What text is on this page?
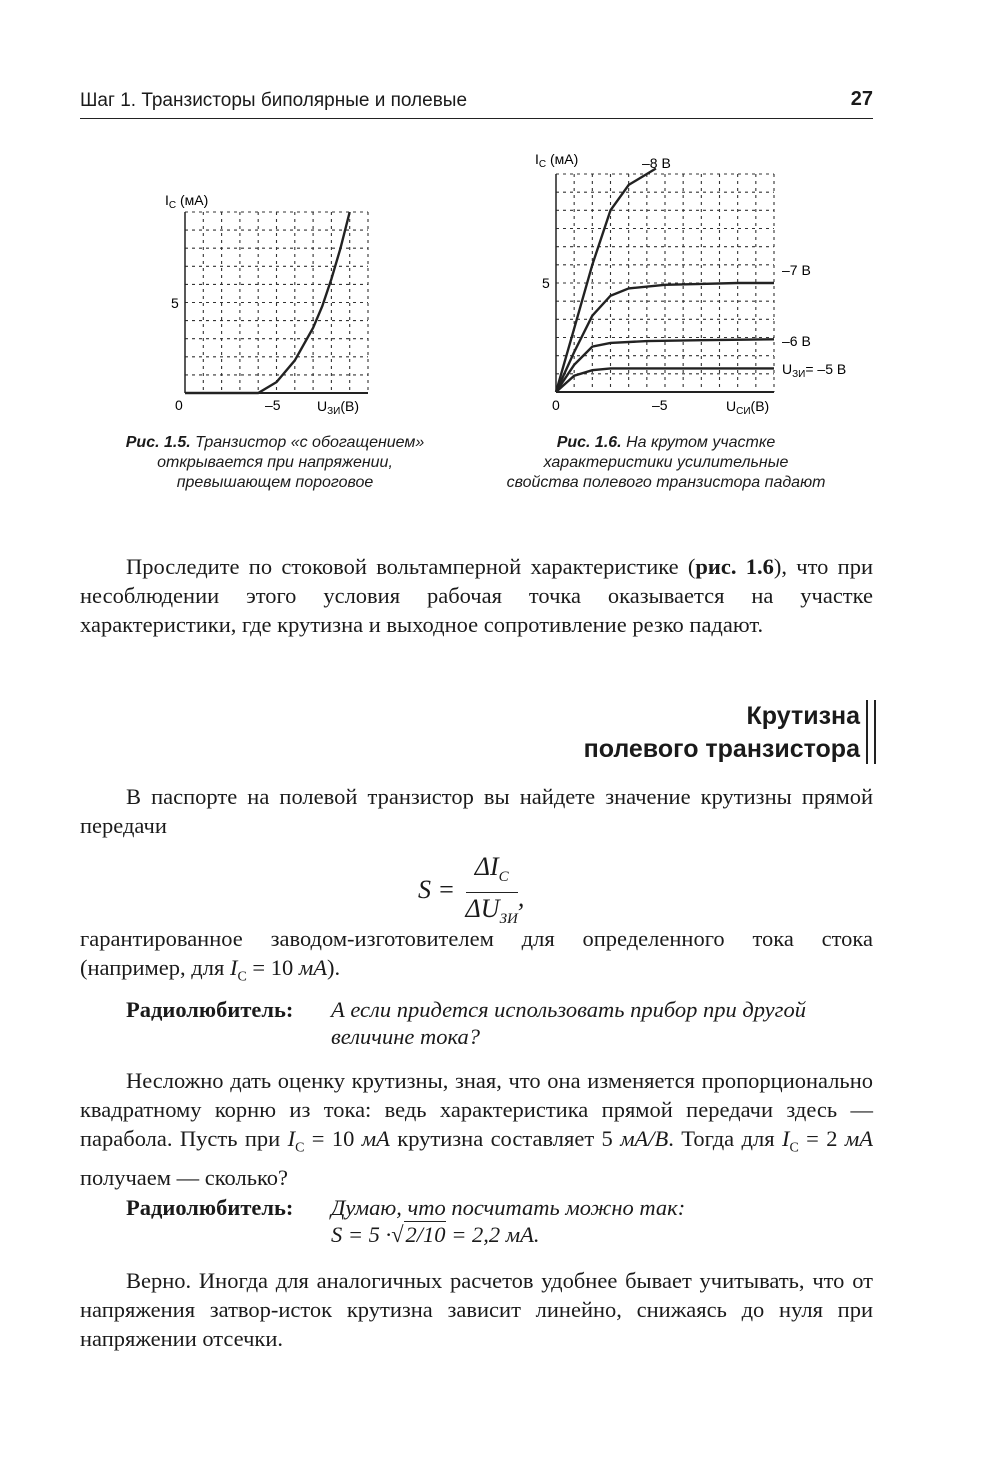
Шаг 1. Транзисторы биполярные и полевые	27
$I_C$ (мА)
5
0	–5	$U_{ЗИ}(В)$
$I_C$ (мА)	–8 В
–7 В
–6 В
$U_{ЗИ}= -5$ В
5
0	–5	$U_{СИ}(В)$
Рис. 1.5. Транзистор «с обогащением»
открывается при напряжении,
превышающем пороговое
Рис. 1.6. На крутом участке
характеристики усилительные
свойства полевого транзистора падают
Проследите по стоковой вольтамперной характеристике (рис. 1.6), что при несоблюдении этого условия рабочая точка оказывается на участке характеристики, где крутизна и выходное сопротивление резко падают.
Крутизна
полевого транзистора
В паспорте на полевой транзистор вы найдете значение крутизны прямой передачи
S =
$\Delta I_C$
$\Delta U_{ЗИ}$
,
гарантированное заводом-изготовителем для определенного тока стока (например, для $I_C = 10$ мА).
Радиолюбитель: А если придется использовать прибор при другой величине тока?
Несложно дать оценку крутизны, зная, что она изменяется пропорционально квадратному корню из тока: ведь характеристика прямой передачи здесь — парабола. Пусть при $I_C = 10$ мА крутизна составляет 5 мА/В. Тогда для $I_C = 2$ мА получаем — сколько?
Радиолюбитель: Думаю, что посчитать можно так:
S = 5 ·√2/10 = 2,2 мА.
Верно. Иногда для аналогичных расчетов удобнее бывает учитывать, что от напряжения затвор-исток крутизна зависит линейно, снижаясь до нуля при напряжении отсечки.
